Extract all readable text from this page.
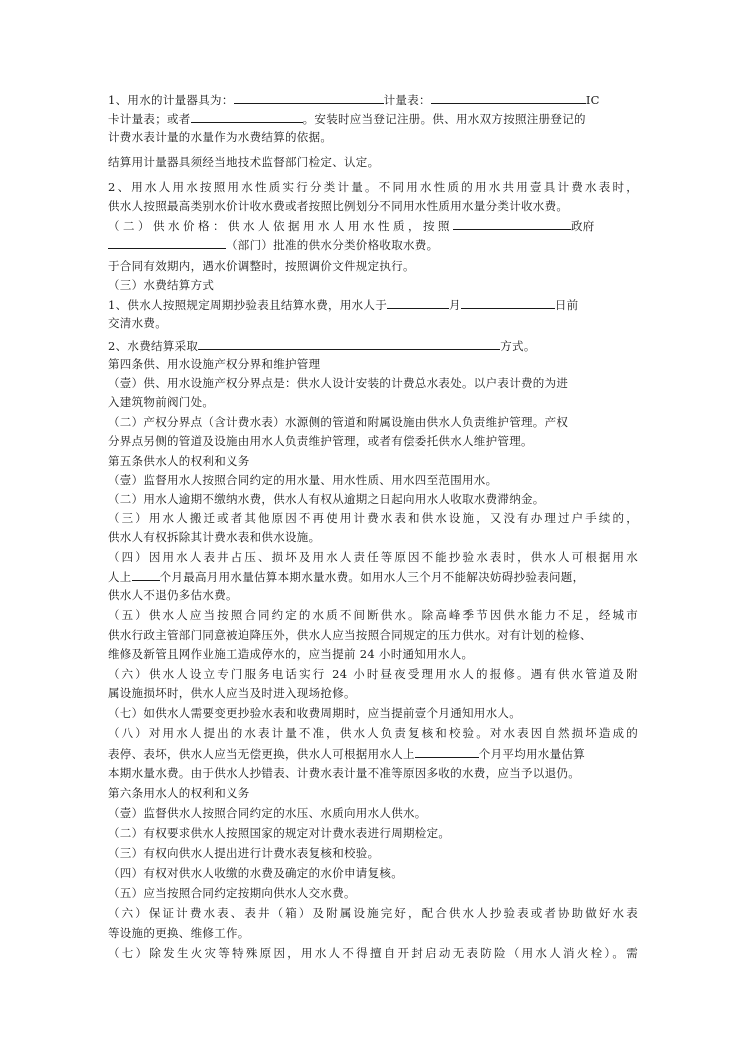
1、用水的计量器具为：	计量表：	IC
卡计量表；或者	。安装时应当登记注册。供、用水双方按照注册登记的
计费水表计量的水量作为水费结算的依据。
结算用计量器具须经当地技术监督部门检定、认定。
2、用水人用水按照用水性质实行分类计量。不同用水性质的用水共用壹具计费水表时，
供水人按照最高类别水价计收水费或者按照比例划分不同用水性质用水量分类计收水费。
（二）供水价格：供水人依据用水人用水性质，按照	政府
（部门）批准的供水分类价格收取水费。
于合同有效期内，遇水价调整时，按照调价文件规定执行。
（三）水费结算方式
1、供水人按照规定周期抄验表且结算水费，用水人于	月	日前
交清水费。
2、水费结算采取	方式。
第四条供、用水设施产权分界和维护管理
（壹）供、用水设施产权分界点是：供水人设计安装的计费总水表处。以户表计费的为进
入建筑物前阀门处。
（二）产权分界点（含计费水表）水源侧的管道和附属设施由供水人负责维护管理。产权
分界点另侧的管道及设施由用水人负责维护管理，或者有偿委托供水人维护管理。
第五条供水人的权利和义务
（壹）监督用水人按照合同约定的用水量、用水性质、用水四至范围用水。
（二）用水人逾期不缴纳水费，供水人有权从逾期之日起向用水人收取水费滞纳金。
（三）用水人搬迁或者其他原因不再使用计费水表和供水设施，又没有办理过户手续的，
供水人有权拆除其计费水表和供水设施。
（四）因用水人表井占压、损坏及用水人责任等原因不能抄验水表时，供水人可根据用水
人上 个月最高月用水量估算本期水量水费。如用水人三个月不能解决妨碍抄验表问题，
供水人不退仍多估水费。
（五）供水人应当按照合同约定的水质不间断供水。除高峰季节因供水能力不足，经城市
供水行政主管部门同意被迫降压外，供水人应当按照合同规定的压力供水。对有计划的检修、
维修及新管且网作业施工造成停水的，应当提前 24 小时通知用水人。
（六）供水人设立专门服务电话实行 24 小时昼夜受理用水人的报修。遇有供水管道及附
属设施损坏时，供水人应当及时进入现场抢修。
（七）如供水人需要变更抄验水表和收费周期时，应当提前壹个月通知用水人。
（八）对用水人提出的水表计量不准，供水人负责复核和校验。对水表因自然损坏造成的
表停、表坏，供水人应当无偿更换，供水人可根据用水人上	个月平均用水量估算
本期水量水费。由于供水人抄错表、计费水表计量不准等原因多收的水费，应当予以退仍。
第六条用水人的权利和义务
（壹）监督供水人按照合同约定的水压、水质向用水人供水。
（二）有权要求供水人按照国家的规定对计费水表进行周期检定。
（三）有权向供水人提出进行计费水表复核和校验。
（四）有权对供水人收缴的水费及确定的水价申请复核。
（五）应当按照合同约定按期向供水人交水费。
（六）保证计费水表、表井（箱）及附属设施完好，配合供水人抄验表或者协助做好水表
等设施的更换、维修工作。
（七）除发生火灾等特殊原因，用水人不得擅自开封启动无表防险（用水人消火栓）。需
